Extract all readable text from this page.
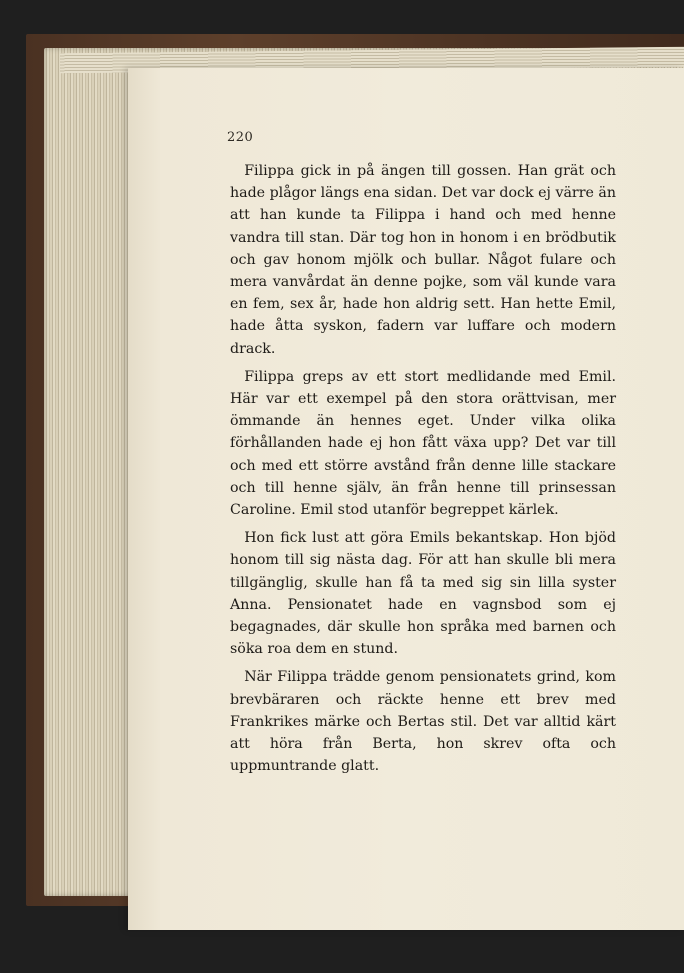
220

 Filippa gick in på ängen till gossen. Han grät och hade plågor längs ena sidan. Det var dock ej värre än att han kunde ta Filippa i hand och med henne vandra till stan. Där tog hon in honom i en brödbutik och gav honom mjölk och bullar. Något fulare och mera vanvårdat än denne pojke, som väl kunde vara en fem, sex år, hade hon aldrig sett. Han hette Emil, hade åtta syskon, fadern var luffare och modern drack.

 Filippa greps av ett stort medlidande med Emil. Här var ett exempel på den stora orättvisan, mer ömmande än hennes eget. Under vilka olika förhållanden hade ej hon fått växa upp? Det var till och med ett större avstånd från denne lille stackare och till henne själv, än från henne till prinsessan Caroline. Emil stod utanför begreppet kärlek.

 Hon fick lust att göra Emils bekantskap. Hon bjöd honom till sig nästa dag. För att han skulle bli mera tillgänglig, skulle han få ta med sig sin lilla syster Anna. Pensionatet hade en vagnsbod som ej begagnades, där skulle hon språka med barnen och söka roa dem en stund.

 När Filippa trädde genom pensionatets grind, kom brevbäraren och räckte henne ett brev med Frankrikes märke och Bertas stil. Det var alltid kärt att höra från Berta, hon skrev ofta och uppmuntrande glatt.
